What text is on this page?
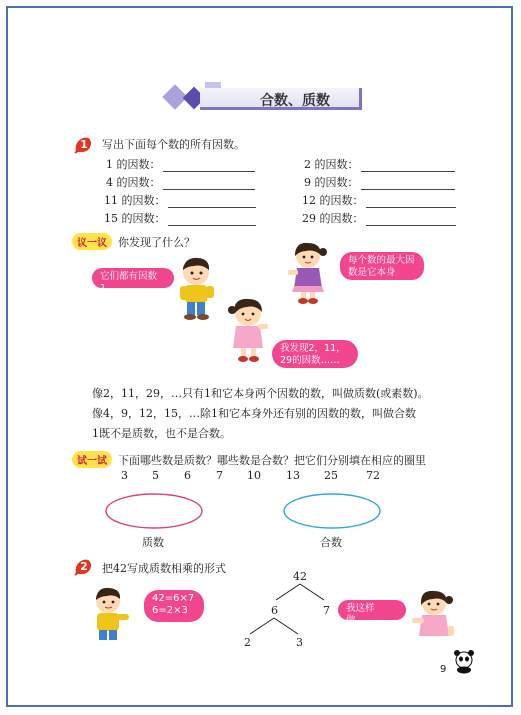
合数、质数
1 写出下面每个数的所有因数。
1 的因数：	2 的因数：
4 的因数：	9 的因数：
11 的因数：	12 的因数：
15 的因数：	29 的因数：
议一议	你发现了什么？
它们都有因数1。
每个数的最大因数是它本身
我发现2，11，29的因数……
像2，11，29，…只有1和它本身两个因数的数，叫做质数(或素数)。
像4，9，12，15，…除1和它本身外还有别的因数的数，叫做合数
1既不是质数，也不是合数。
试一试	下面哪些数是质数？哪些数是合数？把它们分别填在相应的圈里
3 5 6 7 10 13 25	72
质数	合数
2 把42写成质数相乘的形式
42=6×7
6=2×3
42
6	7
2	3
我这样做……
9
